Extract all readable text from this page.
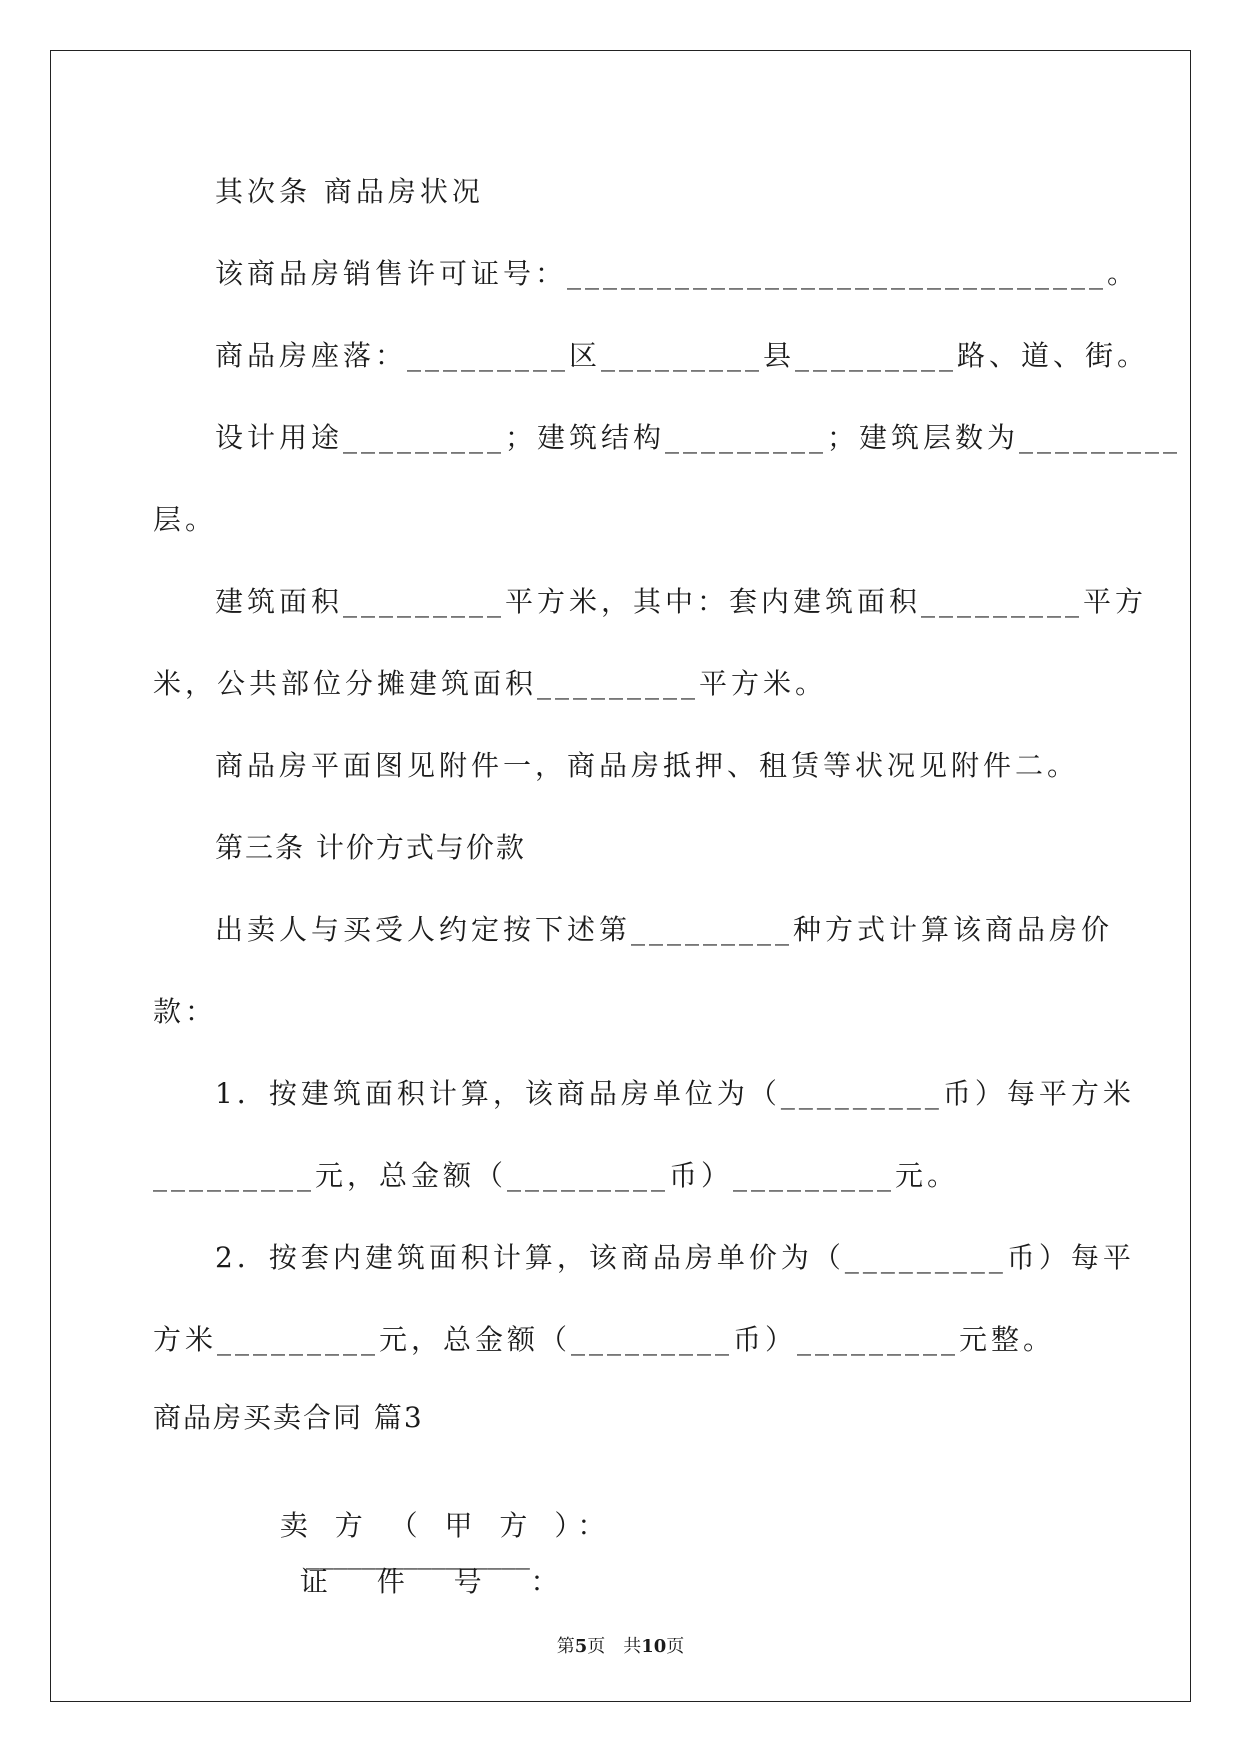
其次条 商品房状况

该商品房销售许可证号：______________________________。

商品房座落：_________区_________县_________路、道、街。

设计用途_________；建筑结构_________；建筑层数为_________

层。

建筑面积_________平方米，其中：套内建筑面积_________平方

米，公共部位分摊建筑面积_________平方米。

商品房平面图见附件一，商品房抵押、租赁等状况见附件二。

第三条 计价方式与价款

出卖人与买受人约定按下述第_________种方式计算该商品房价

款：

1．按建筑面积计算，该商品房单位为（_________币）每平方米

_________元，总金额（_________币）_________元。

2．按套内建筑面积计算，该商品房单价为（_________币）每平

方米_________元，总金额（_________币）_________元整。

商品房买卖合同 篇3

卖 方 （ 甲 方 ）：
________________
证 件 号 ：

第5页　共10页
